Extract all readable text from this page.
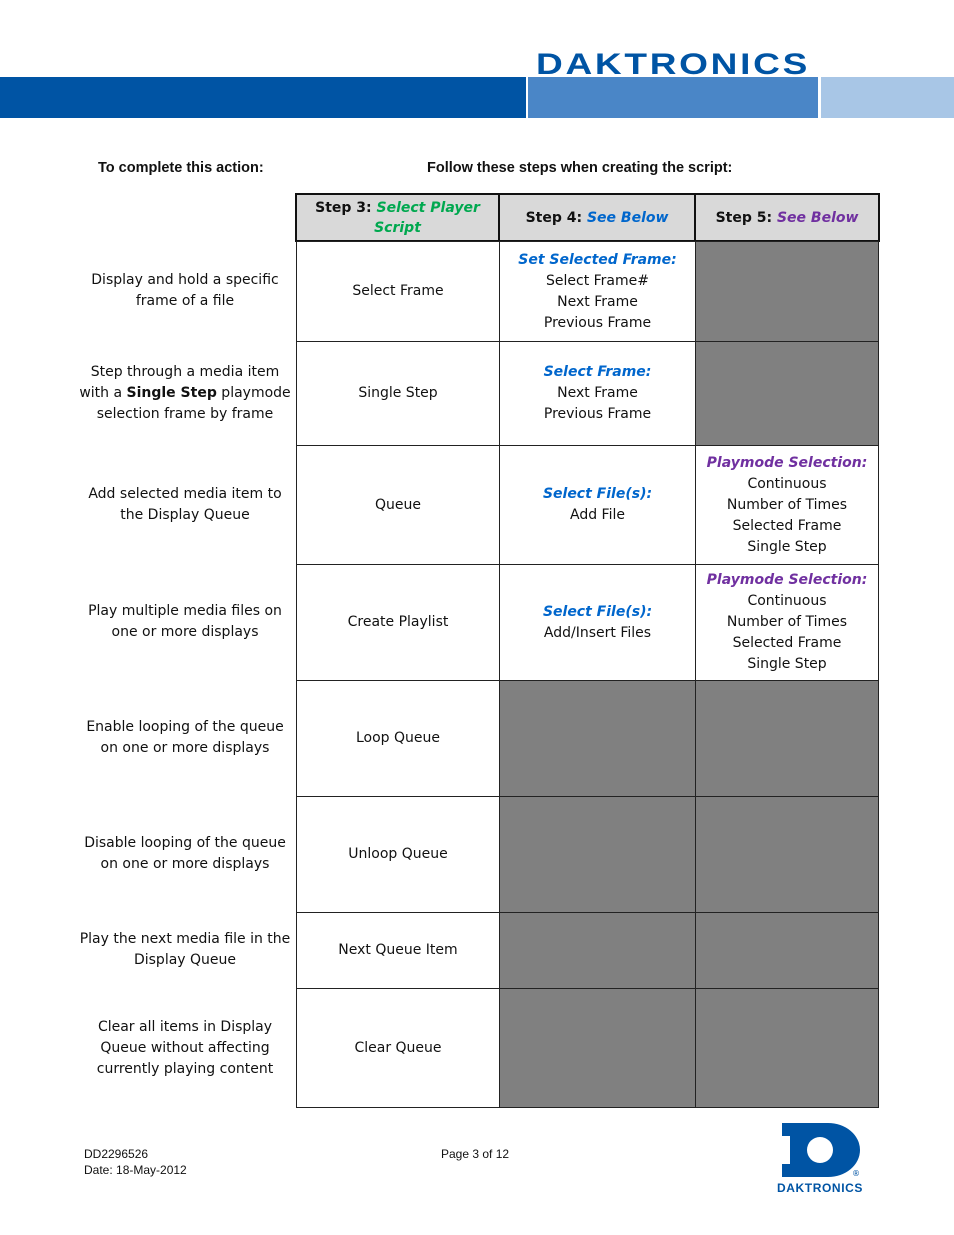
DAKTRONICS
To complete this action:	Follow these steps when creating the script:
Display and hold a specific frame of a file
Step through a media item with a Single Step playmode selection frame by frame
Add selected media item to the Display Queue
Play multiple media files on one or more displays
Enable looping of the queue on one or more displays
Disable looping of the queue on one or more displays
Play the next media file in the Display Queue
Clear all items in Display Queue without affecting currently playing content
Step 3: Select Player Script
Step 4: See Below	Step 5: See Below
Select Frame
Set Selected Frame:
Select Frame#
Next Frame
Previous Frame
Single Step
Select Frame:
Next Frame
Previous Frame
Queue
Select File(s):
Add File
Playmode Selection:
Continuous
Number of Times
Selected Frame
Single Step
Create Playlist
Select File(s):
Add/Insert Files
Playmode Selection:
Continuous
Number of Times
Selected Frame
Single Step
Loop Queue
Unloop Queue
Next Queue Item
Clear Queue
DD2296526
Date: 18-May-2012
Page 3 of 12
®
DAKTRONICS
